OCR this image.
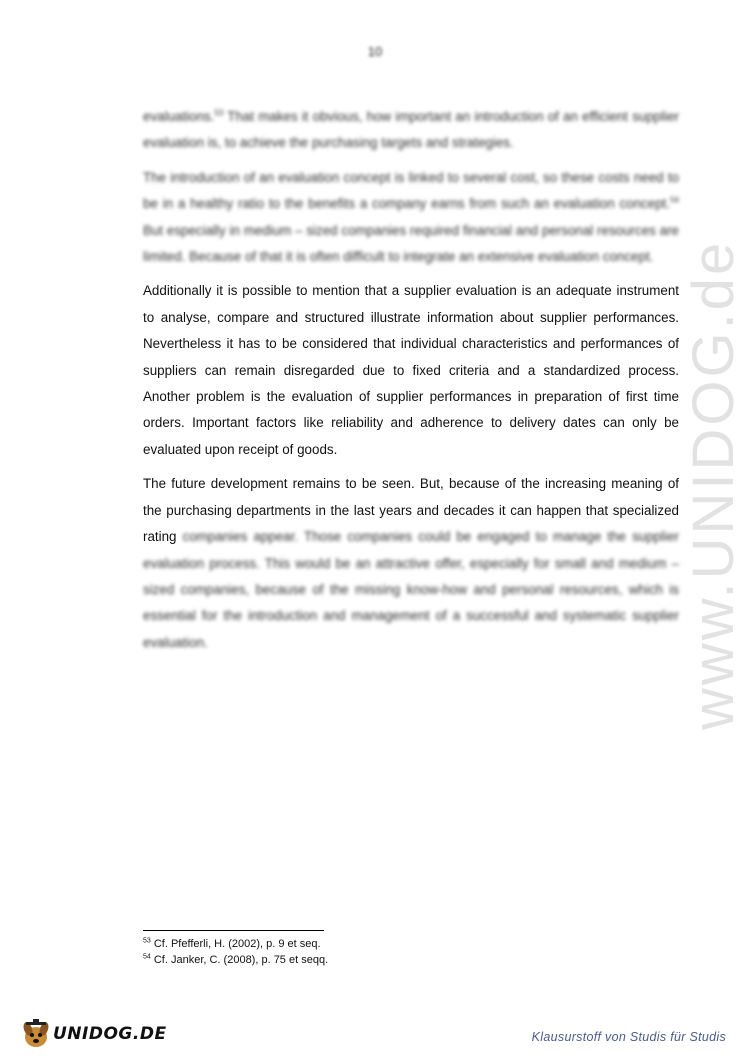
10
www.UNIDOG.de

evaluations.$^{53}$ That makes it obvious, how important an introduction of an efficient supplier evaluation is, to achieve the purchasing targets and strategies.

The introduction of an evaluation concept is linked to several cost, so these costs need to be in a healthy ratio to the benefits a company earns from such an evaluation concept.$^{54}$ But especially in medium – sized companies required financial and personal resources are limited. Because of that it is often difficult to integrate an extensive evaluation concept.

Additionally it is possible to mention that a supplier evaluation is an adequate instrument to analyse, compare and structured illustrate information about supplier performances. Nevertheless it has to be considered that individual characteristics and performances of suppliers can remain disregarded due to fixed criteria and a standardized process. Another problem is the evaluation of supplier performances in preparation of first time orders. Important factors like reliability and adherence to delivery dates can only be evaluated upon receipt of goods.

The future development remains to be seen. But, because of the increasing meaning of the purchasing departments in the last years and decades it can happen that specialized rating companies appear. Those companies could be engaged to manage the supplier evaluation process. This would be an attractive offer, especially for small and medium – sized companies, because of the missing know-how and personal resources, which is essential for the introduction and management of a successful and systematic supplier evaluation.

$^{53}$ Cf. Pfefferli, H. (2002), p. 9 et seq.
$^{54}$ Cf. Janker, C. (2008), p. 75 et seqq.
UNIDOG.DE	Klausurstoff von Studis für Studis
